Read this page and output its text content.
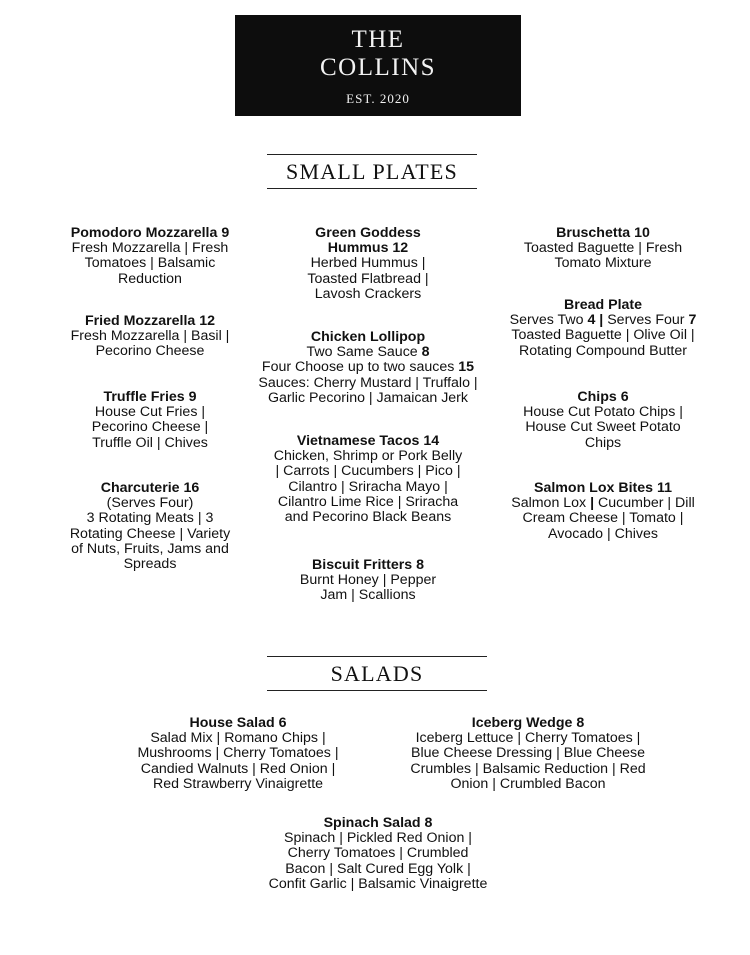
THE
COLLINS
EST. 2020
SMALL PLATES
Pomodoro Mozzarella 9
Fresh Mozzarella | Fresh
Tomatoes | Balsamic
Reduction
Fried Mozzarella 12
Fresh Mozzarella | Basil |
Pecorino Cheese
Truffle Fries 9
House Cut Fries |
Pecorino Cheese |
Truffle Oil | Chives
Charcuterie 16
(Serves Four)
3 Rotating Meats | 3
Rotating Cheese | Variety
of Nuts, Fruits, Jams and
Spreads
Green Goddess
Hummus 12
Herbed Hummus |
Toasted Flatbread |
Lavosh Crackers
Chicken Lollipop
Two Same Sauce 8
Four Choose up to two sauces 15
Sauces: Cherry Mustard | Truffalo |
Garlic Pecorino | Jamaican Jerk
Vietnamese Tacos 14
Chicken, Shrimp or Pork Belly
| Carrots | Cucumbers | Pico |
Cilantro | Sriracha Mayo |
Cilantro Lime Rice | Sriracha
and Pecorino Black Beans
Biscuit Fritters 8
Burnt Honey | Pepper
Jam | Scallions
Bruschetta 10
Toasted Baguette | Fresh
Tomato Mixture
Bread Plate
Serves Two 4 | Serves Four 7
Toasted Baguette | Olive Oil |
Rotating Compound Butter
Chips 6
House Cut Potato Chips |
House Cut Sweet Potato
Chips
Salmon Lox Bites 11
Salmon Lox | Cucumber | Dill
Cream Cheese | Tomato |
Avocado | Chives
SALADS
House Salad 6
Salad Mix | Romano Chips |
Mushrooms | Cherry Tomatoes |
Candied Walnuts | Red Onion |
Red Strawberry Vinaigrette
Iceberg Wedge 8
Iceberg Lettuce | Cherry Tomatoes |
Blue Cheese Dressing | Blue Cheese
Crumbles | Balsamic Reduction | Red
Onion | Crumbled Bacon
Spinach Salad 8
Spinach | Pickled Red Onion |
Cherry Tomatoes | Crumbled
Bacon | Salt Cured Egg Yolk |
Confit Garlic | Balsamic Vinaigrette
